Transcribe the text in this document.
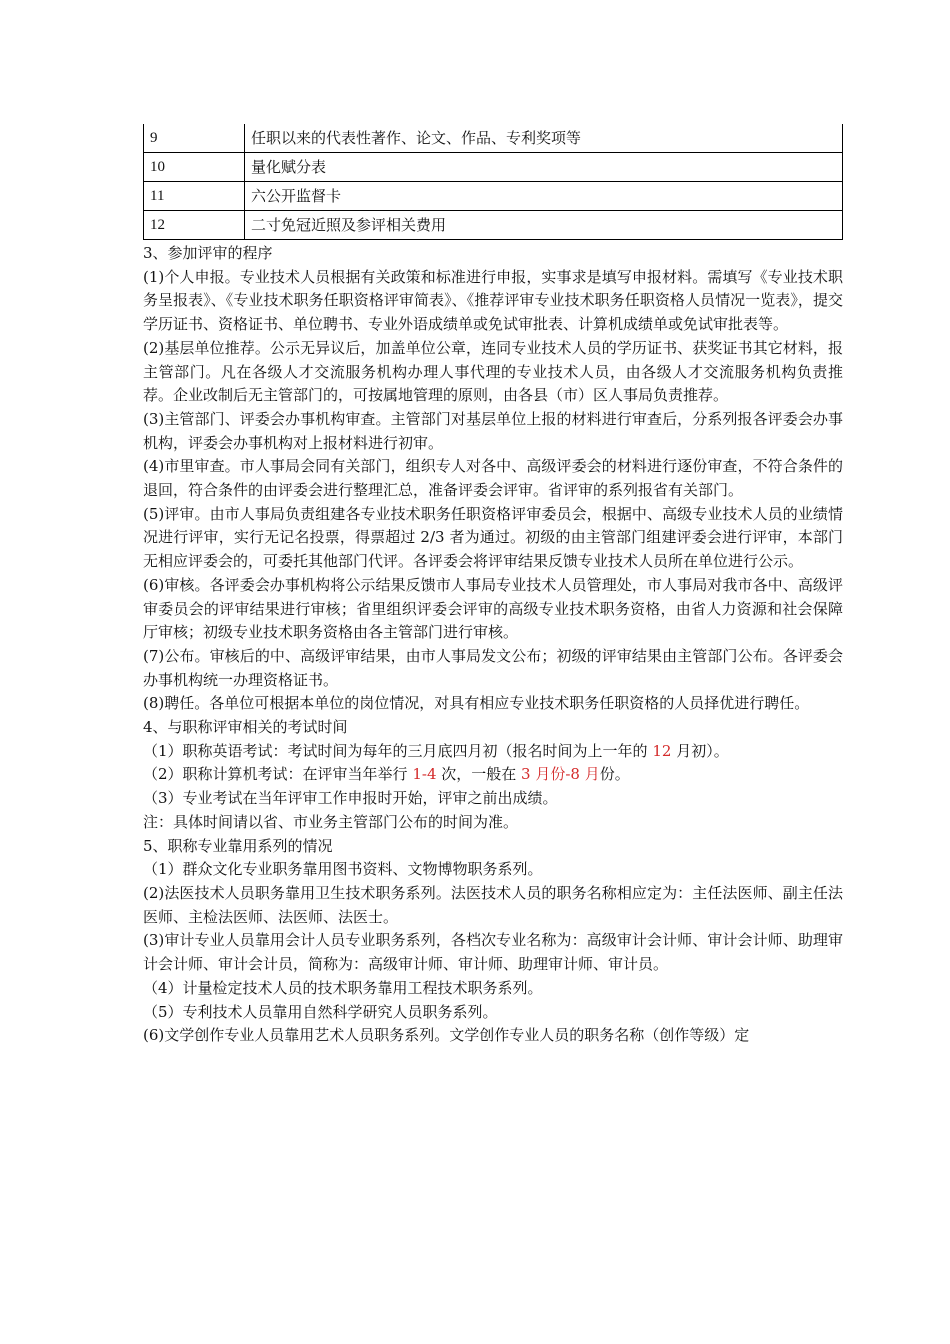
9	任职以来的代表性著作、论文、作品、专利奖项等
10	量化赋分表
11	六公开监督卡
12	二寸免冠近照及参评相关费用

3、参加评审的程序

(1)个人申报。专业技术人员根据有关政策和标准进行申报，实事求是填写申报材料。需填写《专业技术职务呈报表》、《专业技术职务任职资格评审简表》、《推荐评审专业技术职务任职资格人员情况一览表》，提交学历证书、资格证书、单位聘书、专业外语成绩单或免试审批表、计算机成绩单或免试审批表等。

(2)基层单位推荐。公示无异议后，加盖单位公章，连同专业技术人员的学历证书、获奖证书其它材料，报主管部门。凡在各级人才交流服务机构办理人事代理的专业技术人员，由各级人才交流服务机构负责推荐。企业改制后无主管部门的，可按属地管理的原则，由各县（市）区人事局负责推荐。

(3)主管部门、评委会办事机构审查。主管部门对基层单位上报的材料进行审查后，分系列报各评委会办事机构，评委会办事机构对上报材料进行初审。

(4)市里审查。市人事局会同有关部门，组织专人对各中、高级评委会的材料进行逐份审查，不符合条件的退回，符合条件的由评委会进行整理汇总，准备评委会评审。省评审的系列报省有关部门。

(5)评审。由市人事局负责组建各专业技术职务任职资格评审委员会，根据中、高级专业技术人员的业绩情况进行评审，实行无记名投票，得票超过 2/3 者为通过。初级的由主管部门组建评委会进行评审，本部门无相应评委会的，可委托其他部门代评。各评委会将评审结果反馈专业技术人员所在单位进行公示。

(6)审核。各评委会办事机构将公示结果反馈市人事局专业技术人员管理处，市人事局对我市各中、高级评审委员会的评审结果进行审核；省里组织评委会评审的高级专业技术职务资格，由省人力资源和社会保障厅审核；初级专业技术职务资格由各主管部门进行审核。

(7)公布。审核后的中、高级评审结果，由市人事局发文公布；初级的评审结果由主管部门公布。各评委会办事机构统一办理资格证书。

(8)聘任。各单位可根据本单位的岗位情况，对具有相应专业技术职务任职资格的人员择优进行聘任。

4、与职称评审相关的考试时间

（1）职称英语考试：考试时间为每年的三月底四月初（报名时间为上一年的 12 月初）。

（2）职称计算机考试：在评审当年举行 1-4 次，一般在 3 月份-8 月份。

（3）专业考试在当年评审工作申报时开始，评审之前出成绩。

注：具体时间请以省、市业务主管部门公布的时间为准。

5、职称专业靠用系列的情况

（1）群众文化专业职务靠用图书资料、文物博物职务系列。

(2)法医技术人员职务靠用卫生技术职务系列。法医技术人员的职务名称相应定为：主任法医师、副主任法医师、主检法医师、法医师、法医士。

(3)审计专业人员靠用会计人员专业职务系列，各档次专业名称为：高级审计会计师、审计会计师、助理审计会计师、审计会计员，简称为：高级审计师、审计师、助理审计师、审计员。

（4）计量检定技术人员的技术职务靠用工程技术职务系列。

（5）专利技术人员靠用自然科学研究人员职务系列。

(6)文学创作专业人员靠用艺术人员职务系列。文学创作专业人员的职务名称（创作等级）定
